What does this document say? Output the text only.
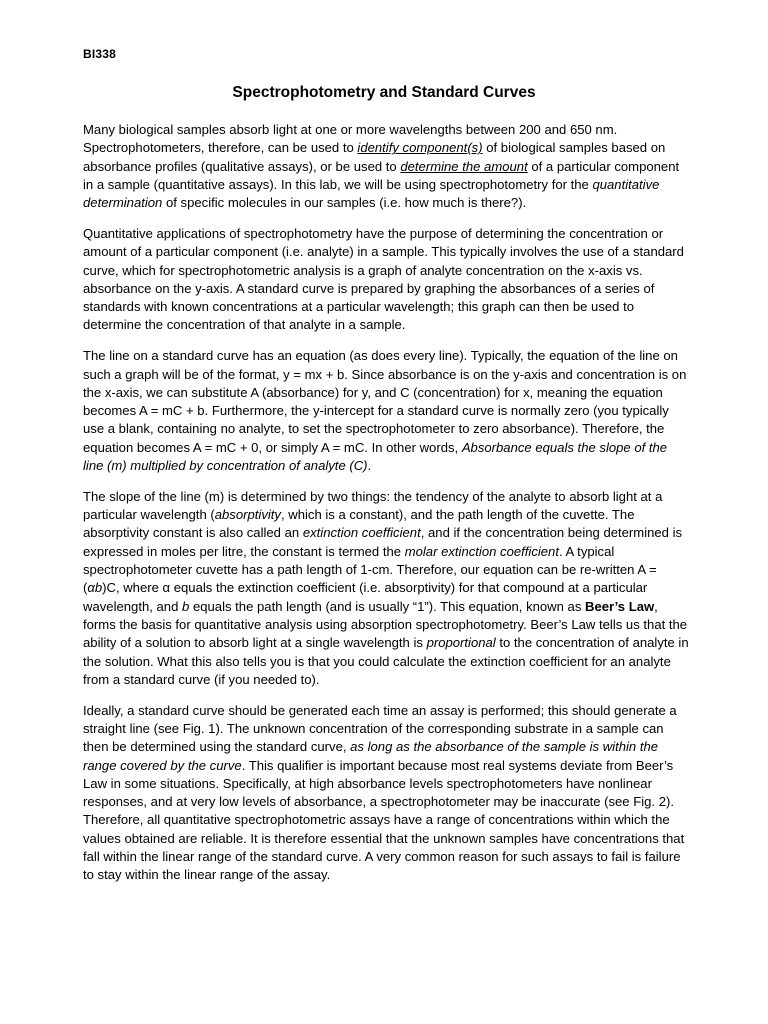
BI338
Spectrophotometry and Standard Curves

Many biological samples absorb light at one or more wavelengths between 200 and 650 nm. Spectrophotometers, therefore, can be used to identify component(s) of biological samples based on absorbance profiles (qualitative assays), or be used to determine the amount of a particular component in a sample (quantitative assays). In this lab, we will be using spectrophotometry for the quantitative determination of specific molecules in our samples (i.e. how much is there?).

Quantitative applications of spectrophotometry have the purpose of determining the concentration or amount of a particular component (i.e. analyte) in a sample. This typically involves the use of a standard curve, which for spectrophotometric analysis is a graph of analyte concentration on the x-axis vs. absorbance on the y-axis. A standard curve is prepared by graphing the absorbances of a series of standards with known concentrations at a particular wavelength; this graph can then be used to determine the concentration of that analyte in a sample.

The line on a standard curve has an equation (as does every line). Typically, the equation of the line on such a graph will be of the format, y = mx + b. Since absorbance is on the y-axis and concentration is on the x-axis, we can substitute A (absorbance) for y, and C (concentration) for x, meaning the equation becomes A = mC + b. Furthermore, the y-intercept for a standard curve is normally zero (you typically use a blank, containing no analyte, to set the spectrophotometer to zero absorbance). Therefore, the equation becomes A = mC + 0, or simply A = mC. In other words, Absorbance equals the slope of the line (m) multiplied by concentration of analyte (C).

The slope of the line (m) is determined by two things: the tendency of the analyte to absorb light at a particular wavelength (absorptivity, which is a constant), and the path length of the cuvette. The absorptivity constant is also called an extinction coefficient, and if the concentration being determined is expressed in moles per litre, the constant is termed the molar extinction coefficient. A typical spectrophotometer cuvette has a path length of 1-cm. Therefore, our equation can be re-written A = (αb)C, where α equals the extinction coefficient (i.e. absorptivity) for that compound at a particular wavelength, and b equals the path length (and is usually “1”). This equation, known as Beer’s Law, forms the basis for quantitative analysis using absorption spectrophotometry. Beer’s Law tells us that the ability of a solution to absorb light at a single wavelength is proportional to the concentration of analyte in the solution. What this also tells you is that you could calculate the extinction coefficient for an analyte from a standard curve (if you needed to).

Ideally, a standard curve should be generated each time an assay is performed; this should generate a straight line (see Fig. 1). The unknown concentration of the corresponding substrate in a sample can then be determined using the standard curve, as long as the absorbance of the sample is within the range covered by the curve. This qualifier is important because most real systems deviate from Beer’s Law in some situations. Specifically, at high absorbance levels spectrophotometers have nonlinear responses, and at very low levels of absorbance, a spectrophotometer may be inaccurate (see Fig. 2). Therefore, all quantitative spectrophotometric assays have a range of concentrations within which the values obtained are reliable. It is therefore essential that the unknown samples have concentrations that fall within the linear range of the standard curve. A very common reason for such assays to fail is failure to stay within the linear range of the assay.
